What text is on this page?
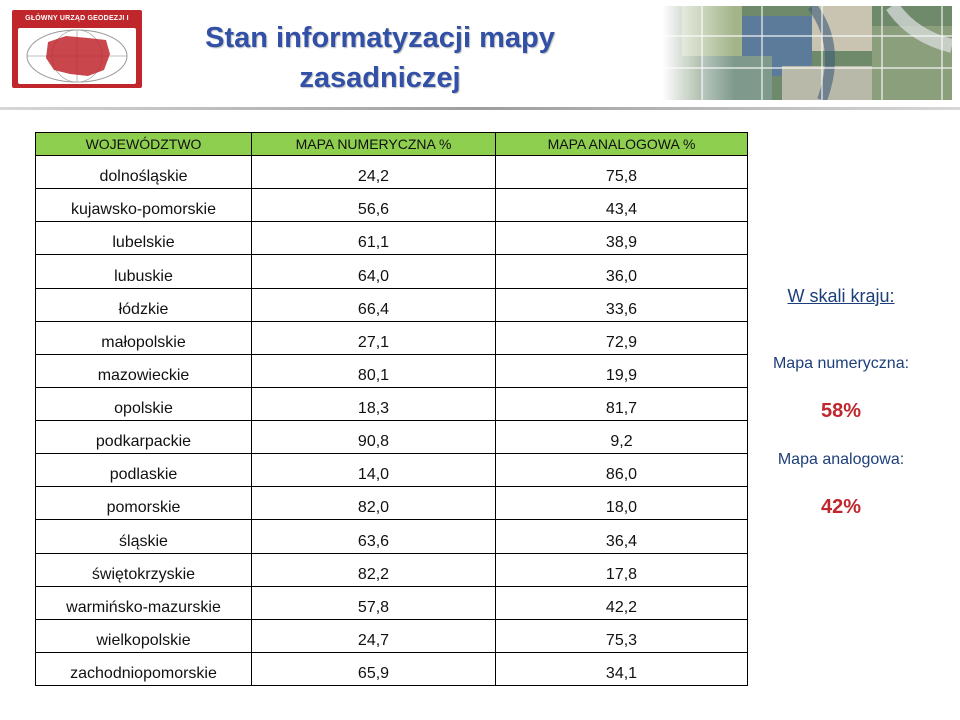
GŁÓWNY URZĄD GEODEZJI I
Stan informatyzacji mapy
zasadniczej
WOJEWÓDZTWO	MAPA NUMERYCZNA %	MAPA ANALOGOWA %
dolnośląskie	24,2	75,8
kujawsko-pomorskie	56,6	43,4
lubelskie	61,1	38,9
lubuskie	64,0	36,0
łódzkie	66,4	33,6
małopolskie	27,1	72,9
mazowieckie	80,1	19,9
opolskie	18,3	81,7
podkarpackie	90,8	9,2
podlaskie	14,0	86,0
pomorskie	82,0	18,0
śląskie	63,6	36,4
świętokrzyskie	82,2	17,8
warmińsko-mazurskie	57,8	42,2
wielkopolskie	24,7	75,3
zachodniopomorskie	65,9	34,1
W skali kraju:
Mapa numeryczna:
58%
Mapa analogowa:
42%
